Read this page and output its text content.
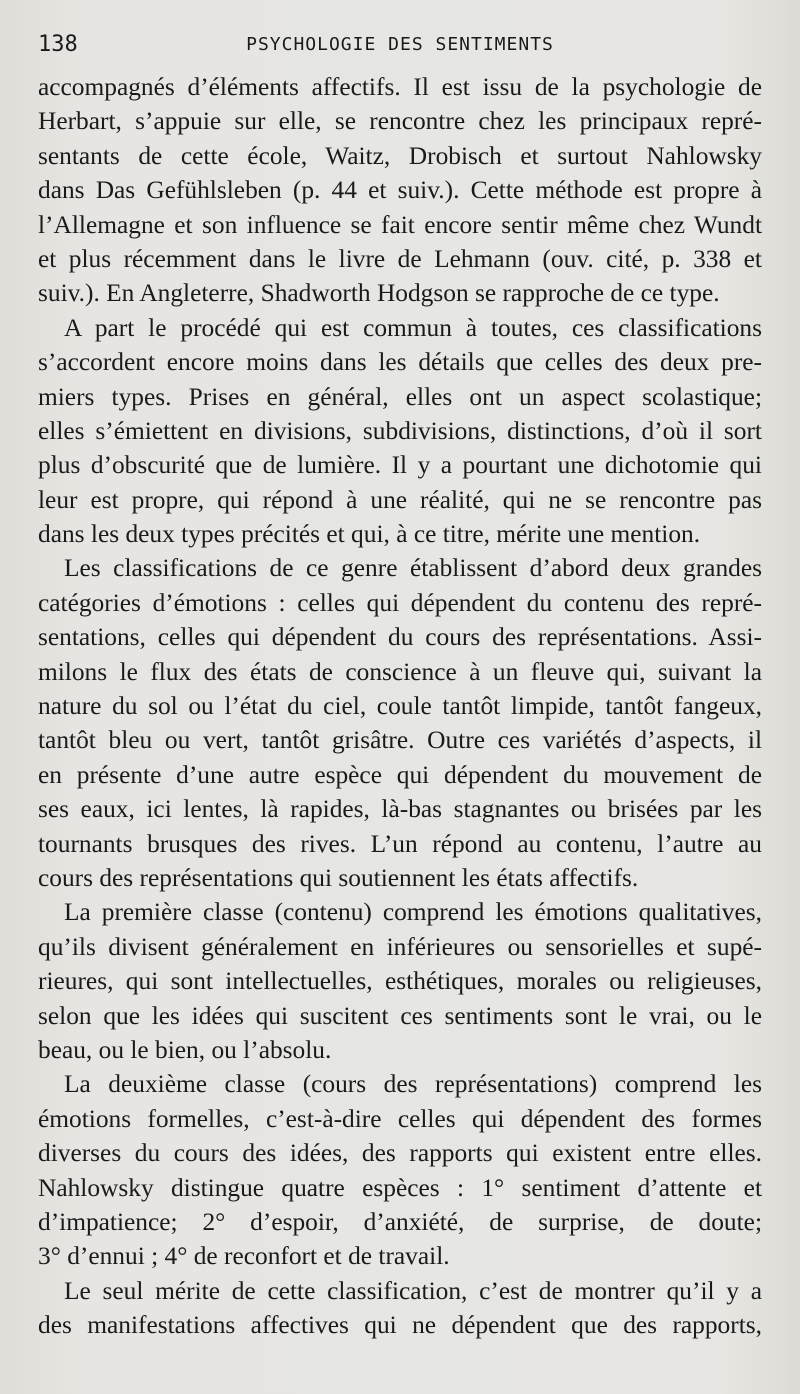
138	PSYCHOLOGIE DES SENTIMENTS
accompagnés d’éléments affectifs. Il est issu de la psychologie de
Herbart, s’appuie sur elle, se rencontre chez les principaux repré-
sentants de cette école, Waitz, Drobisch et surtout Nahlowsky
dans Das Gefühlsleben (p. 44 et suiv.). Cette méthode est propre à
l’Allemagne et son influence se fait encore sentir même chez Wundt
et plus récemment dans le livre de Lehmann (ouv. cité, p. 338 et
suiv.). En Angleterre, Shadworth Hodgson se rapproche de ce type.
A part le procédé qui est commun à toutes, ces classifications
s’accordent encore moins dans les détails que celles des deux pre-
miers types. Prises en général, elles ont un aspect scolastique;
elles s’émiettent en divisions, subdivisions, distinctions, d’où il sort
plus d’obscurité que de lumière. Il y a pourtant une dichotomie qui
leur est propre, qui répond à une réalité, qui ne se rencontre pas
dans les deux types précités et qui, à ce titre, mérite une mention.
Les classifications de ce genre établissent d’abord deux grandes
catégories d’émotions : celles qui dépendent du contenu des repré-
sentations, celles qui dépendent du cours des représentations. Assi-
milons le flux des états de conscience à un fleuve qui, suivant la
nature du sol ou l’état du ciel, coule tantôt limpide, tantôt fangeux,
tantôt bleu ou vert, tantôt grisâtre. Outre ces variétés d’aspects, il
en présente d’une autre espèce qui dépendent du mouvement de
ses eaux, ici lentes, là rapides, là-bas stagnantes ou brisées par les
tournants brusques des rives. L’un répond au contenu, l’autre au
cours des représentations qui soutiennent les états affectifs.
La première classe (contenu) comprend les émotions qualitatives,
qu’ils divisent généralement en inférieures ou sensorielles et supé-
rieures, qui sont intellectuelles, esthétiques, morales ou religieuses,
selon que les idées qui suscitent ces sentiments sont le vrai, ou le
beau, ou le bien, ou l’absolu.
La deuxième classe (cours des représentations) comprend les
émotions formelles, c’est-à-dire celles qui dépendent des formes
diverses du cours des idées, des rapports qui existent entre elles.
Nahlowsky distingue quatre espèces : 1° sentiment d’attente et
d’impatience; 2° d’espoir, d’anxiété, de surprise, de doute;
3° d’ennui ; 4° de reconfort et de travail.
Le seul mérite de cette classification, c’est de montrer qu’il y a
des manifestations affectives qui ne dépendent que des rapports,
